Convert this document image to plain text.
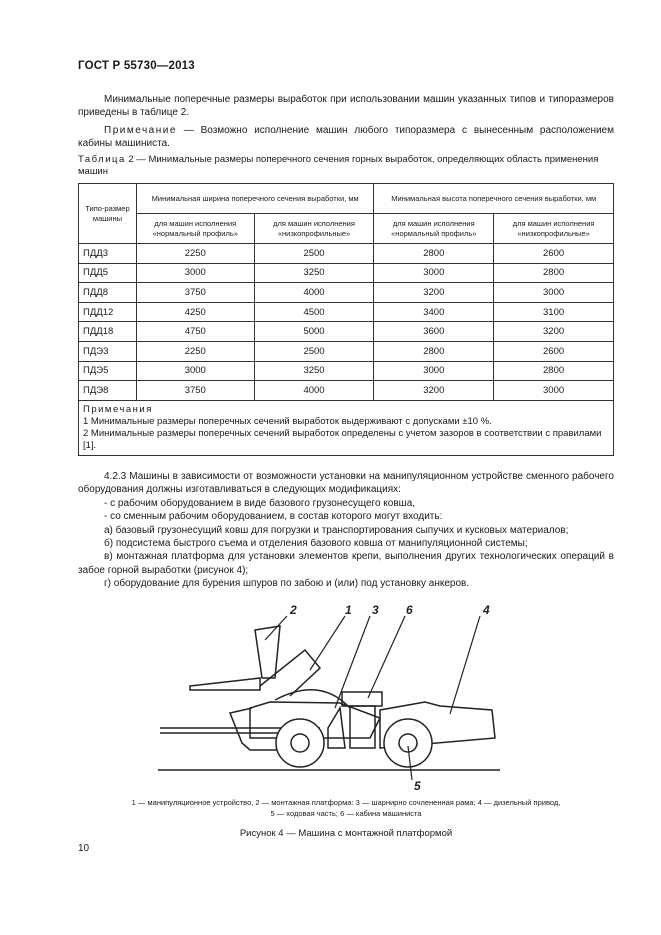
ГОСТ Р 55730—2013
Минимальные поперечные размеры выработок при использовании машин указанных типов и типоразмеров приведены в таблице 2.
Примечание — Возможно исполнение машин любого типоразмера с вынесенным расположением кабины машиниста.
Таблица 2 — Минимальные размеры поперечного сечения горных выработок, определяющих область применения машин
Типо-размер машины	Минимальная ширина поперечного сечения выработки, мм		Минимальная высота поперечного сечения выработки, мм	
	для машин исполнения «нормальный профиль»	для машин исполнения «низкопрофильные»	для машин исполнения «нормальный профиль»	для машин исполнения «низкопрофильные»
ПДД3	2250	2500	2800	2600
ПДД5	3000	3250	3000	2800
ПДД8	3750	4000	3200	3000
ПДД12	4250	4500	3400	3100
ПДД18	4750	5000	3600	3200
ПДЭ3	2250	2500	2800	2600
ПДЭ5	3000	3250	3000	2800
ПДЭ8	3750	4000	3200	3000

Примечания
1 Минимальные размеры поперечных сечений выработок выдерживают с допусками ±10 %.
2 Минимальные размеры поперечных сечений выработок определены с учетом зазоров в соответствии с правилами [1].				

4.2.3 Машины в зависимости от возможности установки на манипуляционном устройстве сменного рабочего оборудования должны изготавливаться в следующих модификациях:

- с рабочим оборудованием в виде базового грузонесущего ковша,

- со сменным рабочим оборудованием, в состав которого могут входить:

а) базовый грузонесущий ковш для погрузки и транспортирования сыпучих и кусковых материалов;

б) подсистема быстрого съема и отделения базового ковша от манипуляционной системы;

в) монтажная платформа для установки элементов крепи, выполнения других технологических операций в забое горной выработки (рисунок 4);

г) оборудование для бурения шпуров по забою и (или) под установку анкеров.

2	1 3 6	4
5
1 — манипуляционное устройство, 2 — монтажная платформа: 3 — шарнирно сочлененная рама; 4 — дизельный привод,
5 — ходовая часть; 6 — кабина машиниста
Рисунок 4 — Машина с монтажной платформой
10
